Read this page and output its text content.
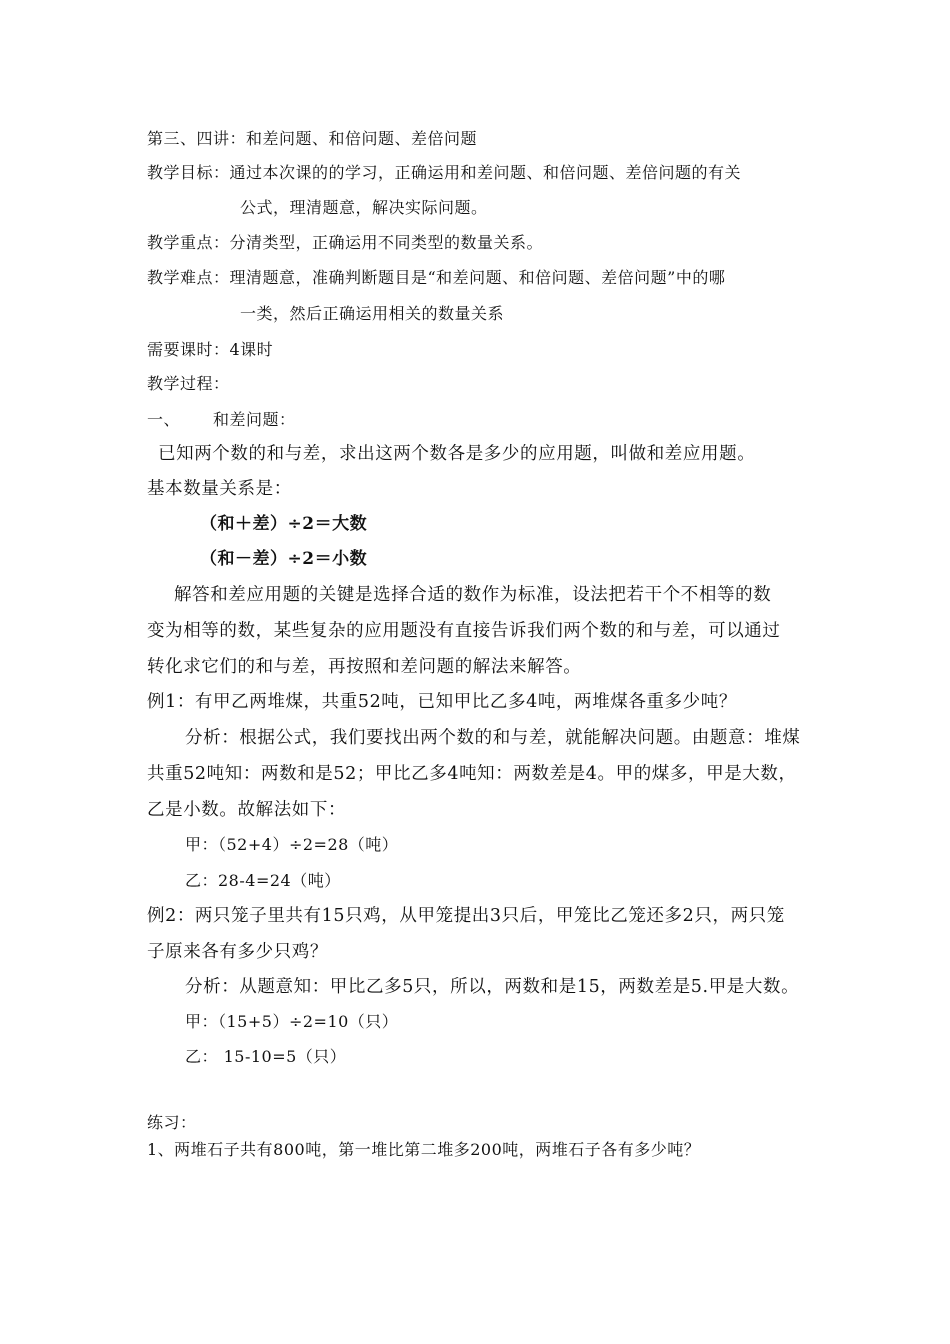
第三、四讲：和差问题、和倍问题、差倍问题
教学目标：通过本次课的的学习，正确运用和差问题、和倍问题、差倍问题的有关
公式，理清题意，解决实际问题。
教学重点：分清类型，正确运用不同类型的数量关系。
教学难点：理清题意，准确判断题目是“和差问题、和倍问题、差倍问题”中的哪
一类，然后正确运用相关的数量关系
需要课时：4课时
教学过程：
一、 和差问题：
已知两个数的和与差，求出这两个数各是多少的应用题，叫做和差应用题。
基本数量关系是：
（和＋差）÷2＝大数
（和－差）÷2＝小数
解答和差应用题的关键是选择合适的数作为标准，设法把若干个不相等的数
变为相等的数，某些复杂的应用题没有直接告诉我们两个数的和与差，可以通过
转化求它们的和与差，再按照和差问题的解法来解答。
例1：有甲乙两堆煤，共重52吨，已知甲比乙多4吨，两堆煤各重多少吨？
分析：根据公式，我们要找出两个数的和与差，就能解决问题。由题意：堆煤
共重52吨知：两数和是52；甲比乙多4吨知：两数差是4。甲的煤多，甲是大数，
乙是小数。故解法如下：
甲：（52+4）÷2=28（吨）
乙：28-4=24（吨）
例2：两只笼子里共有15只鸡，从甲笼提出3只后，甲笼比乙笼还多2只，两只笼
子原来各有多少只鸡？
分析：从题意知：甲比乙多5只，所以，两数和是15，两数差是5.甲是大数。
甲：（15+5）÷2=10（只）
乙： 15-10=5（只）
练习：
1、两堆石子共有800吨，第一堆比第二堆多200吨，两堆石子各有多少吨？
